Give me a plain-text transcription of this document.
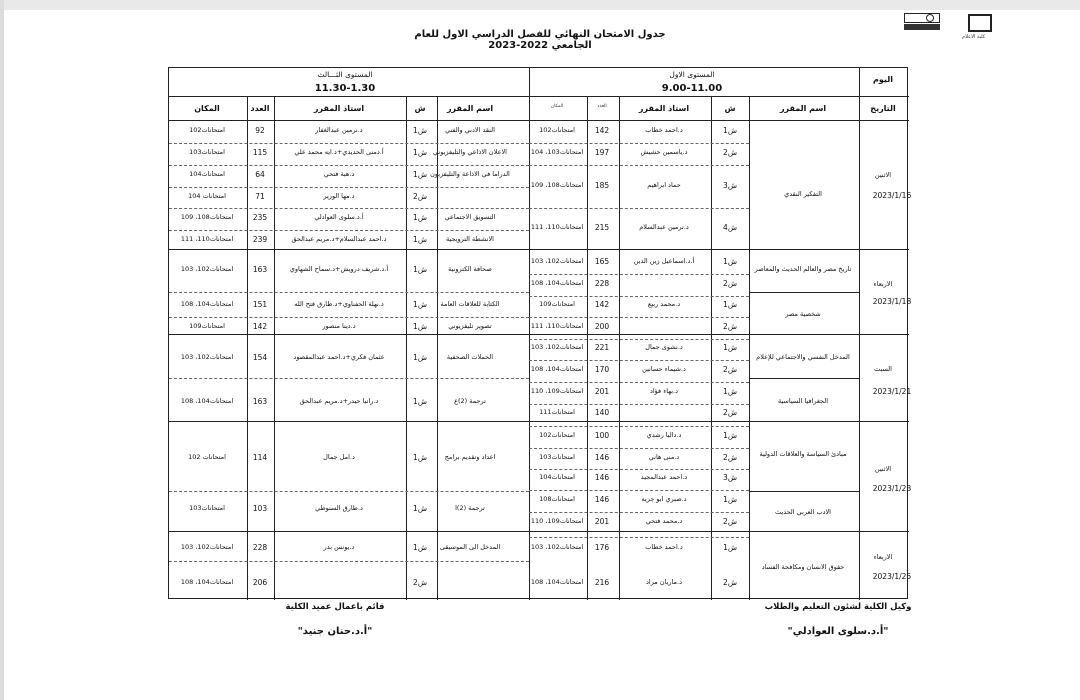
كلية الاعلام
جدول الامتحان النهائي للفصل الدراسي الاول للعام الجامعي 2022-2023
قائم باعمال عميد الكلية
"أ.د.حنان جنيد"
وكيل الكلية لشئون التعليم والطلاب
"أ.د.سلوى العوادلي"
اليوم
التاريخ
المستوى الاول
9.00-11.00
المستوى الثـــالث
11.30-1.30
اسم المقرر
ش
استاذ المقرر
العدد
المكان
اسم المقرر
ش
استاذ المقرر
العدد
المكان
الاثنين
2023/1/16
الاربعاء
2023/1/18
السبت
2023/1/21
الاثنين
2023/1/23
الاربعاء
2023/1/25
التفكير النقدي
تاريخ مصر والعالم الحديث والمعاصر
شخصية مصر
المدخل النفسي والاجتماعي للإعلام
الجغرافيا السياسية
مبادئ السياسة والعلاقات الدولية
الادب العربي الحديث
حقوق الانسان ومكافحة الفساد
ش1
د.احمد خطاب
142
امتحانات102
ش2
د.ياسمين حشيش
197
امتحانات103، 104
ش3
حماد ابراهيم
185
امتحانات108، 109
ش4
د.نرمين عبدالسلام
215
امتحانات110، 111
ش1
أ.د.اسماعيل زين الدين
165
امتحانات102، 103
ش2
228
امتحانات104، 108
ش1
د.محمد ربيع
142
امتحانات109
ش2
200
امتحانات110، 111
ش1
د.نشوى جمال
221
امتحانات102، 103
ش2
د.شيماء حسانين
170
امتحانات104، 108
ش1
د.بهاء فؤاد
201
امتحانات109، 110
ش2
140
امتحانات111
ش1
د.داليا رشدي
100
امتحانات102
ش2
د.منى هاني
146
امتحانات103
ش3
د.احمد عبدالمجيد
146
امتحانات104
ش1
د.صبري ابو جزيه
146
امتحانات108
ش2
د.محمد فتحي
201
امتحانات109، 110
ش1
د.احمد خطاب
176
امتحانات102، 103
ش2
د.ماريان مراد
216
امتحانات104، 108
النقد الادبي والفني
ش1
د.نرمين عبدالغفار
92
امتحانات102
الاعلان الاذاعي والتليفزيوني
ش1
أ.دمنى الحديدي+د.ايه محمد علي
115
امتحانات103
الدراما في الاذاعة والتليفزيون
ش1
د.هبة فتحي
64
امتحانات104
ش2
د.مها الوزير
71
امتحانات 104
التسويق الاجتماعي
ش1
أ.د.سلوى العوادلي
235
امتحانات108، 109
الانشطة الترويجية
ش1
د.احمد عبدالسلام+د.مريم عبدالحق
239
امتحانات110، 111
صحافة الكترونية
ش1
أ.د.شريف درويش+د.سماح الشهاوي
163
امتحانات102، 103
الكتابة للعلاقات العامة
ش1
د.نهلة الحفناوي+د.طارق فتح الله
151
امتحانات104، 108
تصوير تليفزيوني
ش1
د.دينا منصور
142
امتحانات109
الحملات الصحفية
ش1
عثمان فكري+د.احمد عبدالمقصود
154
امتحانات102، 103
ترجمة (2)ع
ش1
د.رانيا حيدر+د.مريم عبدالحق
163
امتحانات104، 108
اعداد وتقديم برامج
ش1
د.امل جمال
114
امتحانات 102
ترجمة (2)ا
ش1
د.طارق السنوطي
103
امتحانات103
المدخل الى الموسيقى
ش1
د.يونس بدر
228
امتحانات102، 103
ش2
206
امتحانات104، 108
